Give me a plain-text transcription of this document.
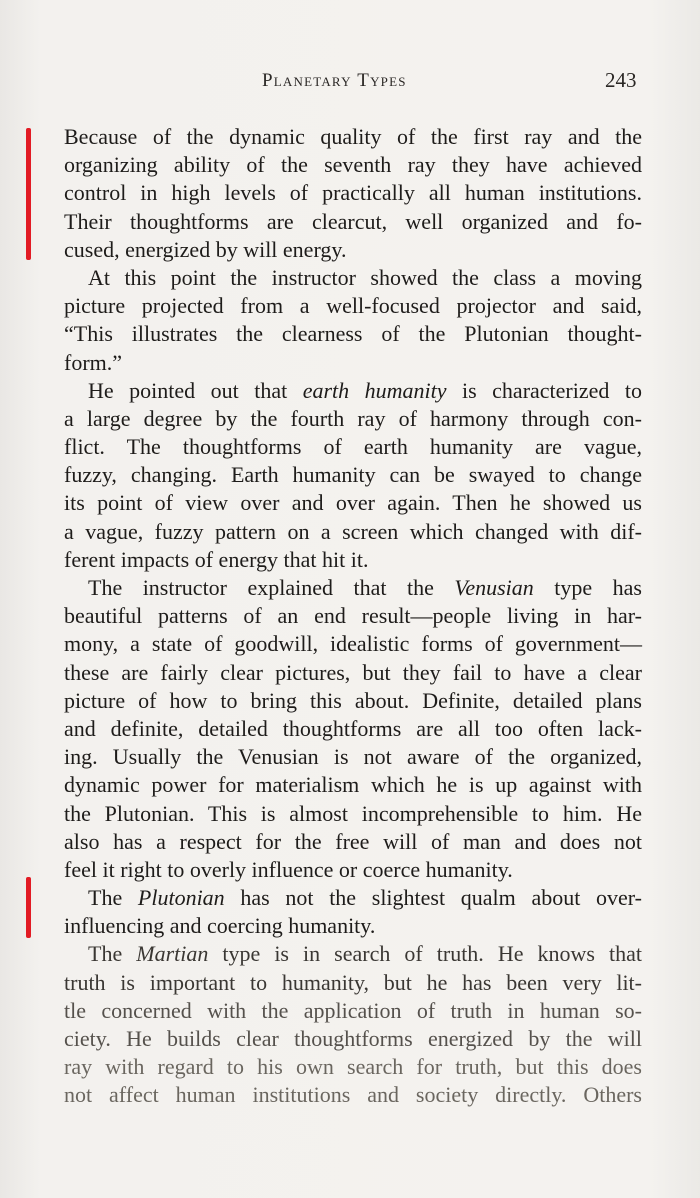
Planetary Types	243
Because of the dynamic quality of the first ray and the
organizing ability of the seventh ray they have achieved
control in high levels of practically all human institutions.
Their thoughtforms are clearcut, well organized and fo-
cused, energized by will energy.
At this point the instructor showed the class a moving
picture projected from a well-focused projector and said,
“This illustrates the clearness of the Plutonian thought-
form.”
He pointed out that earth humanity is characterized to
a large degree by the fourth ray of harmony through con-
flict. The thoughtforms of earth humanity are vague,
fuzzy, changing. Earth humanity can be swayed to change
its point of view over and over again. Then he showed us
a vague, fuzzy pattern on a screen which changed with dif-
ferent impacts of energy that hit it.
The instructor explained that the Venusian type has
beautiful patterns of an end result—people living in har-
mony, a state of goodwill, idealistic forms of government—
these are fairly clear pictures, but they fail to have a clear
picture of how to bring this about. Definite, detailed plans
and definite, detailed thoughtforms are all too often lack-
ing. Usually the Venusian is not aware of the organized,
dynamic power for materialism which he is up against with
the Plutonian. This is almost incomprehensible to him. He
also has a respect for the free will of man and does not
feel it right to overly influence or coerce humanity.
The Plutonian has not the slightest qualm about over-
influencing and coercing humanity.
The Martian type is in search of truth. He knows that
truth is important to humanity, but he has been very lit-
tle concerned with the application of truth in human so-
ciety. He builds clear thoughtforms energized by the will
ray with regard to his own search for truth, but this does
not affect human institutions and society directly. Others
